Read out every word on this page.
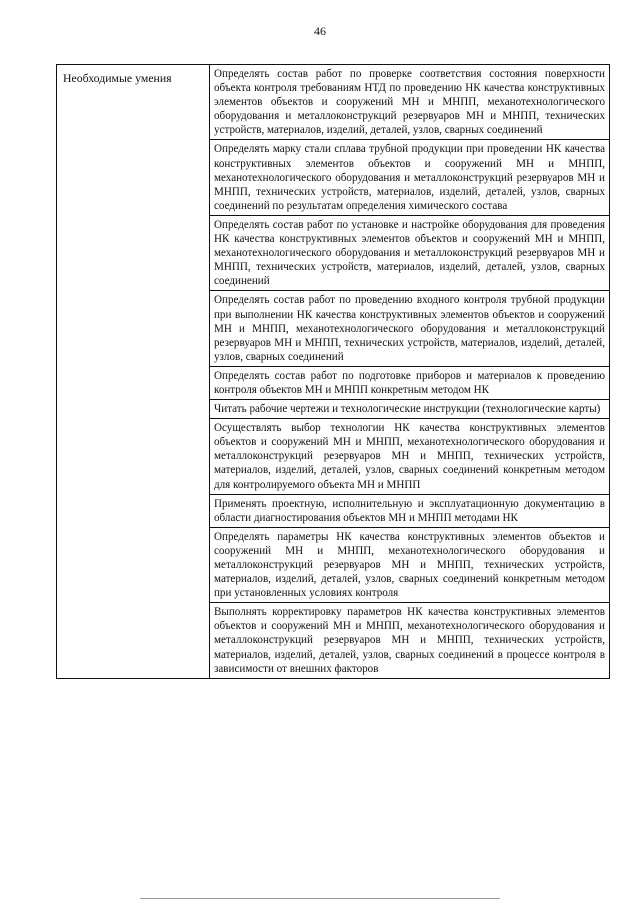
46
Необходимые умения	Определять состав работ по проверке соответствия состояния поверхности объекта контроля требованиям НТД по проведению НК качества конструктивных элементов объектов и сооружений МН и МНПП, механотехнологического оборудования и металлоконструкций резервуаров МН и МНПП, технических устройств, материалов, изделий, деталей, узлов, сварных соединений
Определять марку стали сплава трубной продукции при проведении НК качества конструктивных элементов объектов и сооружений МН и МНПП, механотехнологического оборудования и металлоконструкций резервуаров МН и МНПП, технических устройств, материалов, изделий, деталей, узлов, сварных соединений по результатам определения химического состава
Определять состав работ по установке и настройке оборудования для проведения НК качества конструктивных элементов объектов и сооружений МН и МНПП, механотехнологического оборудования и металлоконструкций резервуаров МН и МНПП, технических устройств, материалов, изделий, деталей, узлов, сварных соединений
Определять состав работ по проведению входного контроля трубной продукции при выполнении НК качества конструктивных элементов объектов и сооружений МН и МНПП, механотехнологического оборудования и металлоконструкций резервуаров МН и МНПП, технических устройств, материалов, изделий, деталей, узлов, сварных соединений
Определять состав работ по подготовке приборов и материалов к проведению контроля объектов МН и МНПП конкретным методом НК
Читать рабочие чертежи и технологические инструкции (технологические карты)
Осуществлять выбор технологии НК качества конструктивных элементов объектов и сооружений МН и МНПП, механотехнологического оборудования и металлоконструкций резервуаров МН и МНПП, технических устройств, материалов, изделий, деталей, узлов, сварных соединений конкретным методом для контролируемого объекта МН и МНПП
Применять проектную, исполнительную и эксплуатационную документацию в области диагностирования объектов МН и МНПП методами НК
Определять параметры НК качества конструктивных элементов объектов и сооружений МН и МНПП, механотехнологического оборудования и металлоконструкций резервуаров МН и МНПП, технических устройств, материалов, изделий, деталей, узлов, сварных соединений конкретным методом при установленных условиях контроля
Выполнять корректировку параметров НК качества конструктивных элементов объектов и сооружений МН и МНПП, механотехнологического оборудования и металлоконструкций резервуаров МН и МНПП, технических устройств, материалов, изделий, деталей, узлов, сварных соединений в процессе контроля в зависимости от внешних факторов
